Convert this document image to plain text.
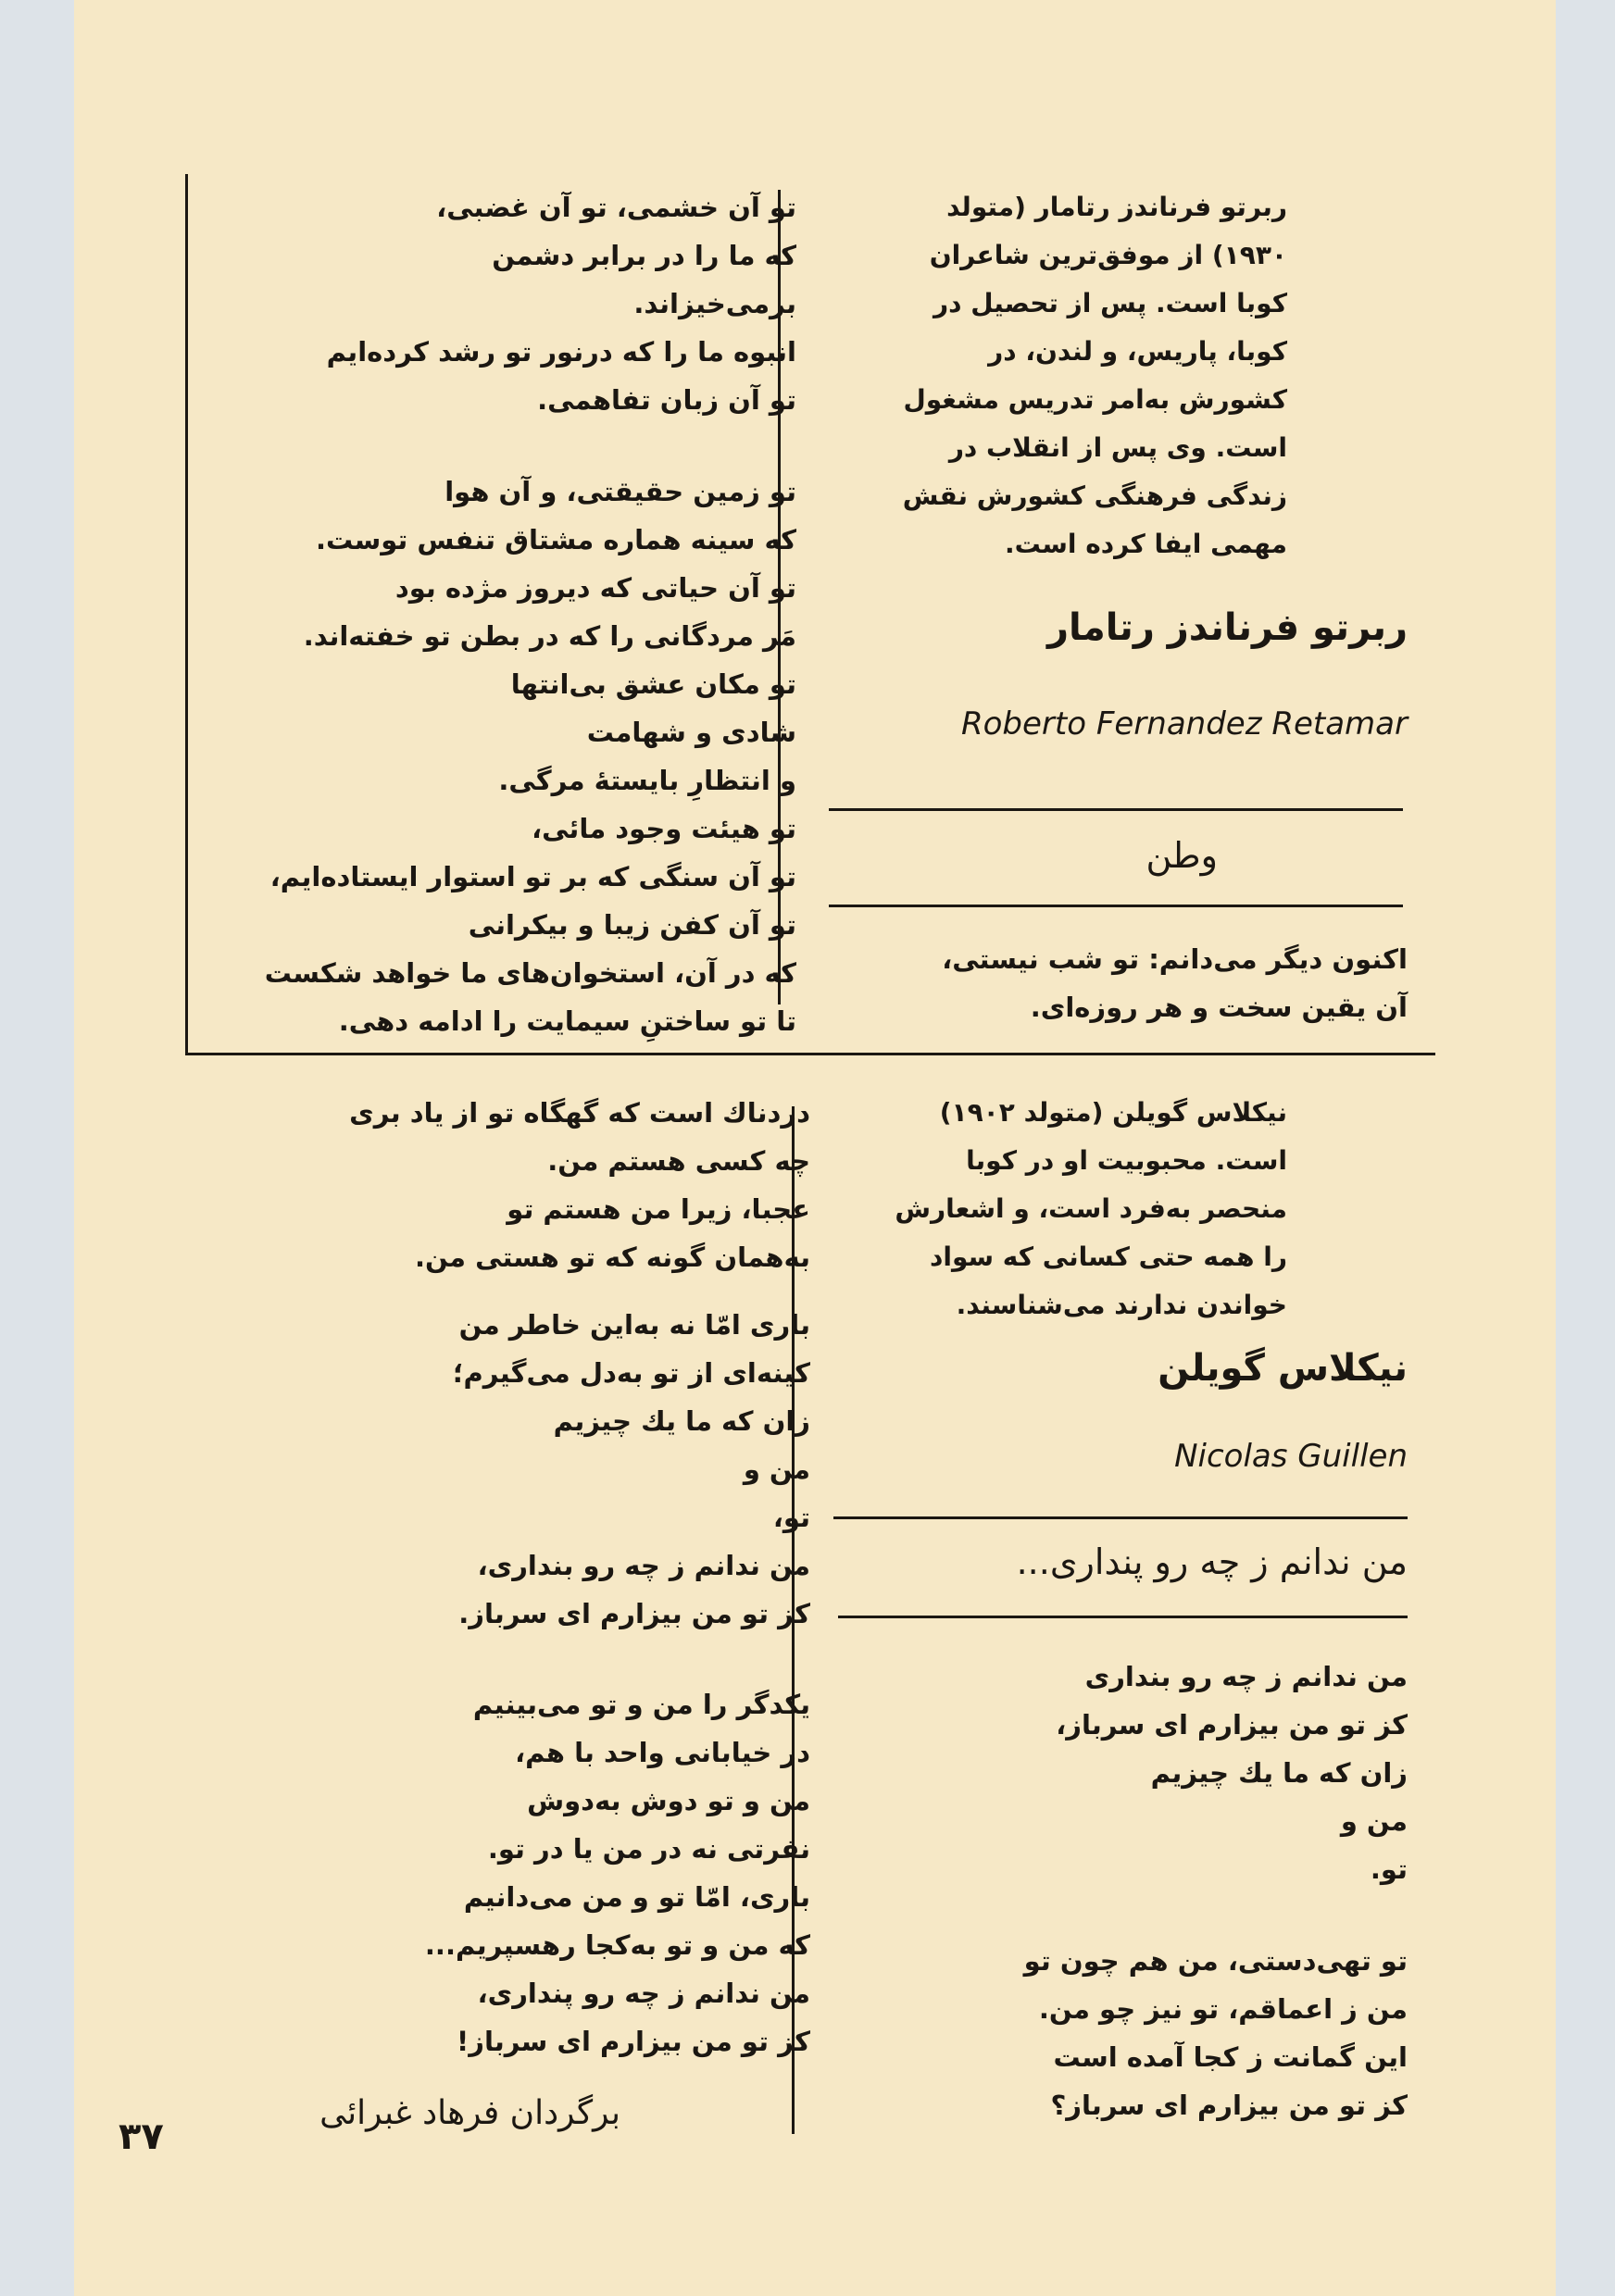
ربرتو فرناندز رتامار (متولد
۱۹۳۰) از موفق‌ترین شاعران
کوبا است. پس از تحصیل در
کوبا، پاریس، و لندن، در
کشورش به‌امر تدریس مشغول
است. وی پس از انقلاب در
زندگی فرهنگی کشورش نقش
مهمی ایفا کرده است.
ربرتو فرناندز رتامار
Roberto Fernandez Retamar
وطن
اکنون دیگر می‌دانم: تو شب نیستی،
آن یقین سخت و هر روزه‌ای.
تو آن خشمی، تو آن غضبی،
که ما را در برابر دشمن
برمی‌خیزاند.
انبوه ما را که درنور تو رشد کرده‌ایم
تو آن زبان تفاهمی.
تو زمین حقیقتی، و آن هوا
که سینه هماره مشتاق تنفس توست.
تو آن حیاتی که دیروز مژده بود
مَر مردگانی را که در بطن تو خفته‌اند.
تو مکان عشق بی‌انتها
شادی و شهامت
و انتظارِ بایستهٔ مرگی.
تو هیئت وجود مائی،
تو آن سنگی که بر تو استوار ایستاده‌ایم،
تو آن کفن زیبا و بیکرانی
که در آن، استخوان‌های ما خواهد شکست
تا تو ساختنِ سیمایت را ادامه دهی.
نیکلاس گویلن (متولد ۱۹۰۲)
است. محبوبیت او در کوبا
منحصر به‌فرد است، و اشعارش
را همه حتی کسانی که سواد
خواندن ندارند می‌شناسند.
نیکلاس گویلن
Nicolas Guillen
من ندانم ز چه رو پنداری...
من ندانم ز چه رو بنداری
کز تو من بیزارم ای سرباز،
زان که ما یك چیزیم
من و
تو.
تو تهی‌دستی، من هم چون تو
من ز اعماقم، تو نیز چو من.
این گمانت ز کجا آمده است
کز تو من بیزارم ای سرباز؟
دردناك است که گهگاه تو از یاد بری
چه کسی هستم من.
عجبا، زیرا من هستم تو
به‌همان گونه که تو هستی من.
باری امّا نه به‌این خاطر من
کینه‌ای از تو به‌دل می‌گیرم؛
زان که ما یك چیزیم
من و
تو،
من ندانم ز چه رو بنداری،
کز تو من بیزارم ای سرباز.
یکدگر را من و تو می‌بینیم
در خیابانی واحد با هم،
من و تو دوش به‌دوش
نفرتی نه در من یا در تو.
باری، امّا تو و من می‌دانیم
که من و تو به‌کجا رهسپریم...
من ندانم ز چه رو پنداری،
کز تو من بیزارم ای سرباز!
برگردان فرهاد غبرائی
۳۷
